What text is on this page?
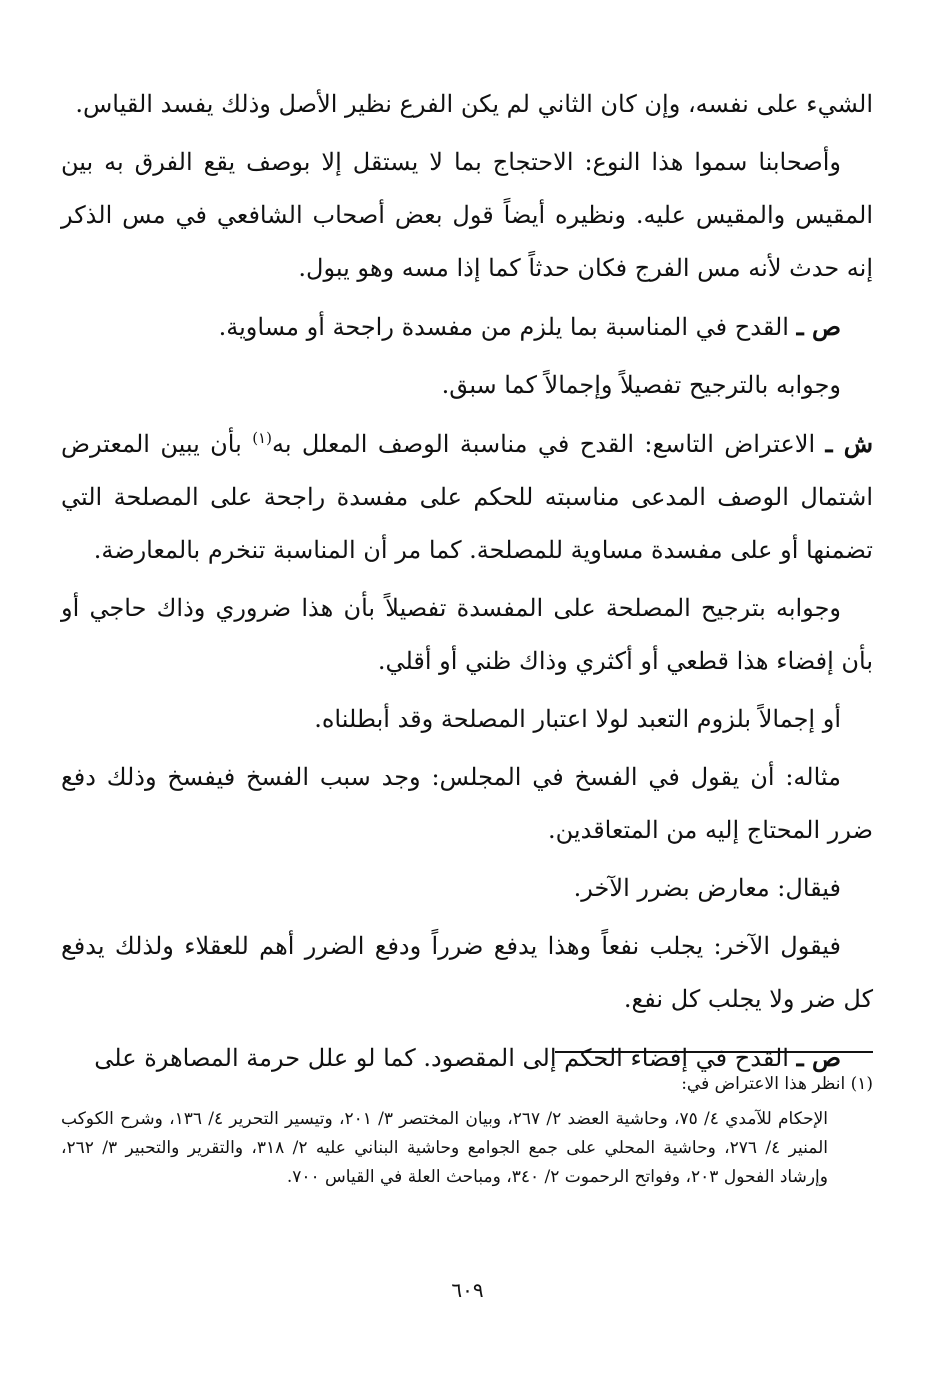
الشيء على نفسه، وإن كان الثاني لم يكن الفرع نظير الأصل وذلك يفسد القياس.

وأصحابنا سموا هذا النوع: الاحتجاج بما لا يستقل إلا بوصف يقع الفرق به بين المقيس والمقيس عليه. ونظيره أيضاً قول بعض أصحاب الشافعي في مس الذكر إنه حدث لأنه مس الفرج فكان حدثاً كما إذا مسه وهو يبول.

ص ـ القدح في المناسبة بما يلزم من مفسدة راجحة أو مساوية.

وجوابه بالترجيح تفصيلاً وإجمالاً كما سبق.

ش ـ الاعتراض التاسع: القدح في مناسبة الوصف المعلل به$^{(١)}$ بأن يبين المعترض اشتمال الوصف المدعى مناسبته للحكم على مفسدة راجحة على المصلحة التي تضمنها أو على مفسدة مساوية للمصلحة. كما مر أن المناسبة تنخرم بالمعارضة.

وجوابه بترجيح المصلحة على المفسدة تفصيلاً بأن هذا ضروري وذاك حاجي أو بأن إفضاء هذا قطعي أو أكثري وذاك ظني أو أقلي.

أو إجمالاً بلزوم التعبد لولا اعتبار المصلحة وقد أبطلناه.

مثاله: أن يقول في الفسخ في المجلس: وجد سبب الفسخ فيفسخ وذلك دفع ضرر المحتاج إليه من المتعاقدين.

فيقال: معارض بضرر الآخر.

فيقول الآخر: يجلب نفعاً وهذا يدفع ضرراً ودفع الضرر أهم للعقلاء ولذلك يدفع كل ضر ولا يجلب كل نفع.

ص ـ القدح في إفضاء الحكم إلى المقصود. كما لو علل حرمة المصاهرة على

(١) انظر هذا الاعتراض في:

الإحكام للآمدي ٤/ ٧٥، وحاشية العضد ٢/ ٢٦٧، وبيان المختصر ٣/ ٢٠١، وتيسير التحرير ٤/ ١٣٦، وشرح الكوكب المنير ٤/ ٢٧٦، وحاشية المحلي على جمع الجوامع وحاشية البناني عليه ٢/ ٣١٨، والتقرير والتحبير ٣/ ٢٦٢، وإرشاد الفحول ٢٠٣، وفواتح الرحموت ٢/ ٣٤٠، ومباحث العلة في القياس ٧٠٠.

٦٠٩
